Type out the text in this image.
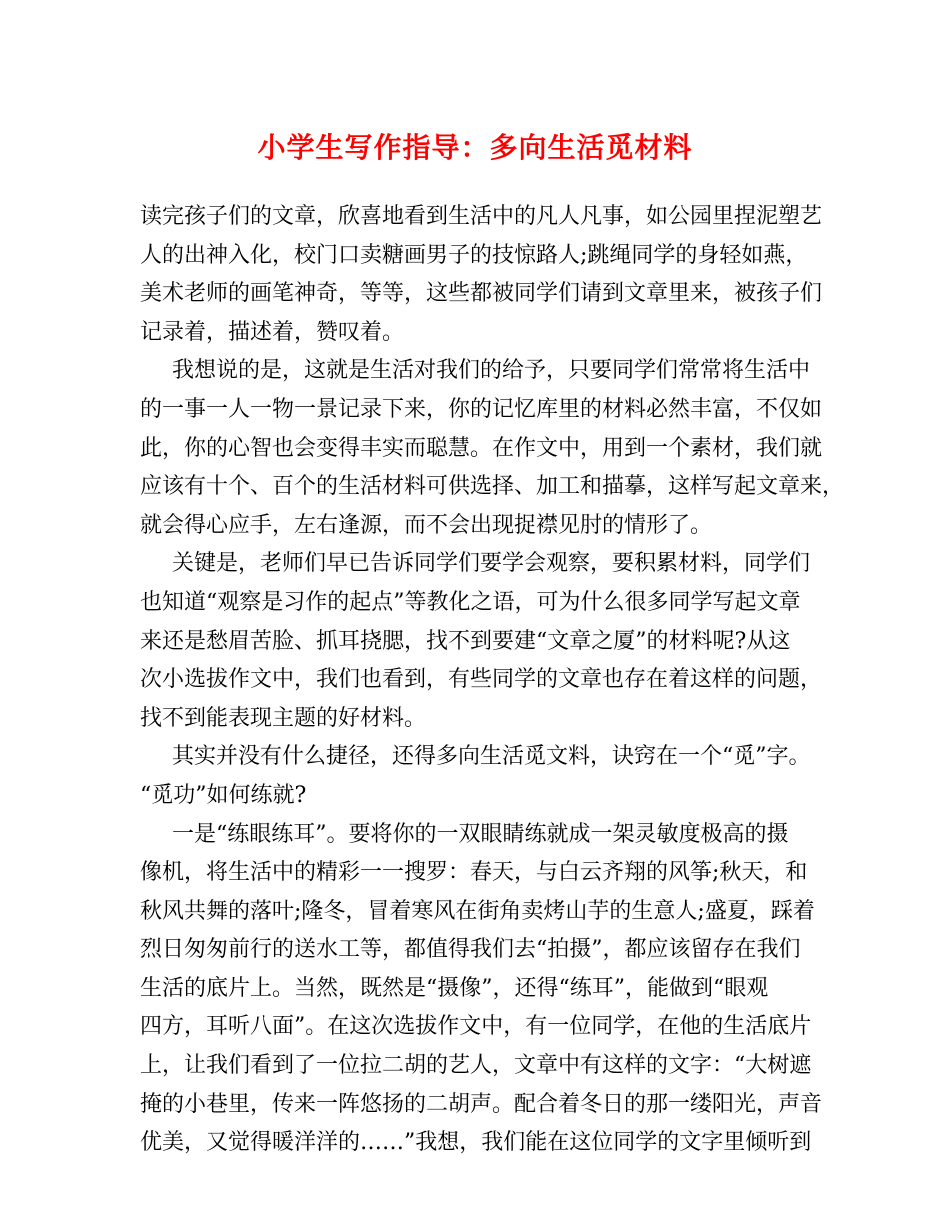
小学生写作指导：多向生活觅材料
读完孩子们的文章，欣喜地看到生活中的凡人凡事，如公园里捏泥塑艺
人的出神入化，校门口卖糖画男子的技惊路人;跳绳同学的身轻如燕，
美术老师的画笔神奇，等等，这些都被同学们请到文章里来，被孩子们
记录着，描述着，赞叹着。
我想说的是，这就是生活对我们的给予，只要同学们常常将生活中
的一事一人一物一景记录下来，你的记忆库里的材料必然丰富，不仅如
此，你的心智也会变得丰实而聪慧。在作文中，用到一个素材，我们就
应该有十个、百个的生活材料可供选择、加工和描摹，这样写起文章来，
就会得心应手，左右逢源，而不会出现捉襟见肘的情形了。
关键是，老师们早已告诉同学们要学会观察，要积累材料，同学们
也知道“观察是习作的起点”等教化之语，可为什么很多同学写起文章
来还是愁眉苦脸、抓耳挠腮，找不到要建“文章之厦”的材料呢?从这
次小选拔作文中，我们也看到，有些同学的文章也存在着这样的问题，
找不到能表现主题的好材料。
其实并没有什么捷径，还得多向生活觅文料，诀窍在一个“觅”字。
“觅功”如何练就?
一是“练眼练耳”。要将你的一双眼睛练就成一架灵敏度极高的摄
像机，将生活中的精彩一一搜罗：春天，与白云齐翔的风筝;秋天，和
秋风共舞的落叶;隆冬，冒着寒风在街角卖烤山芋的生意人;盛夏，踩着
烈日匆匆前行的送水工等，都值得我们去“拍摄”，都应该留存在我们
生活的底片上。当然，既然是“摄像”，还得“练耳”，能做到“眼观
四方，耳听八面”。在这次选拔作文中，有一位同学，在他的生活底片
上，让我们看到了一位拉二胡的艺人，文章中有这样的文字：“大树遮
掩的小巷里，传来一阵悠扬的二胡声。配合着冬日的那一缕阳光，声音
优美，又觉得暖洋洋的……”我想，我们能在这位同学的文字里倾听到
